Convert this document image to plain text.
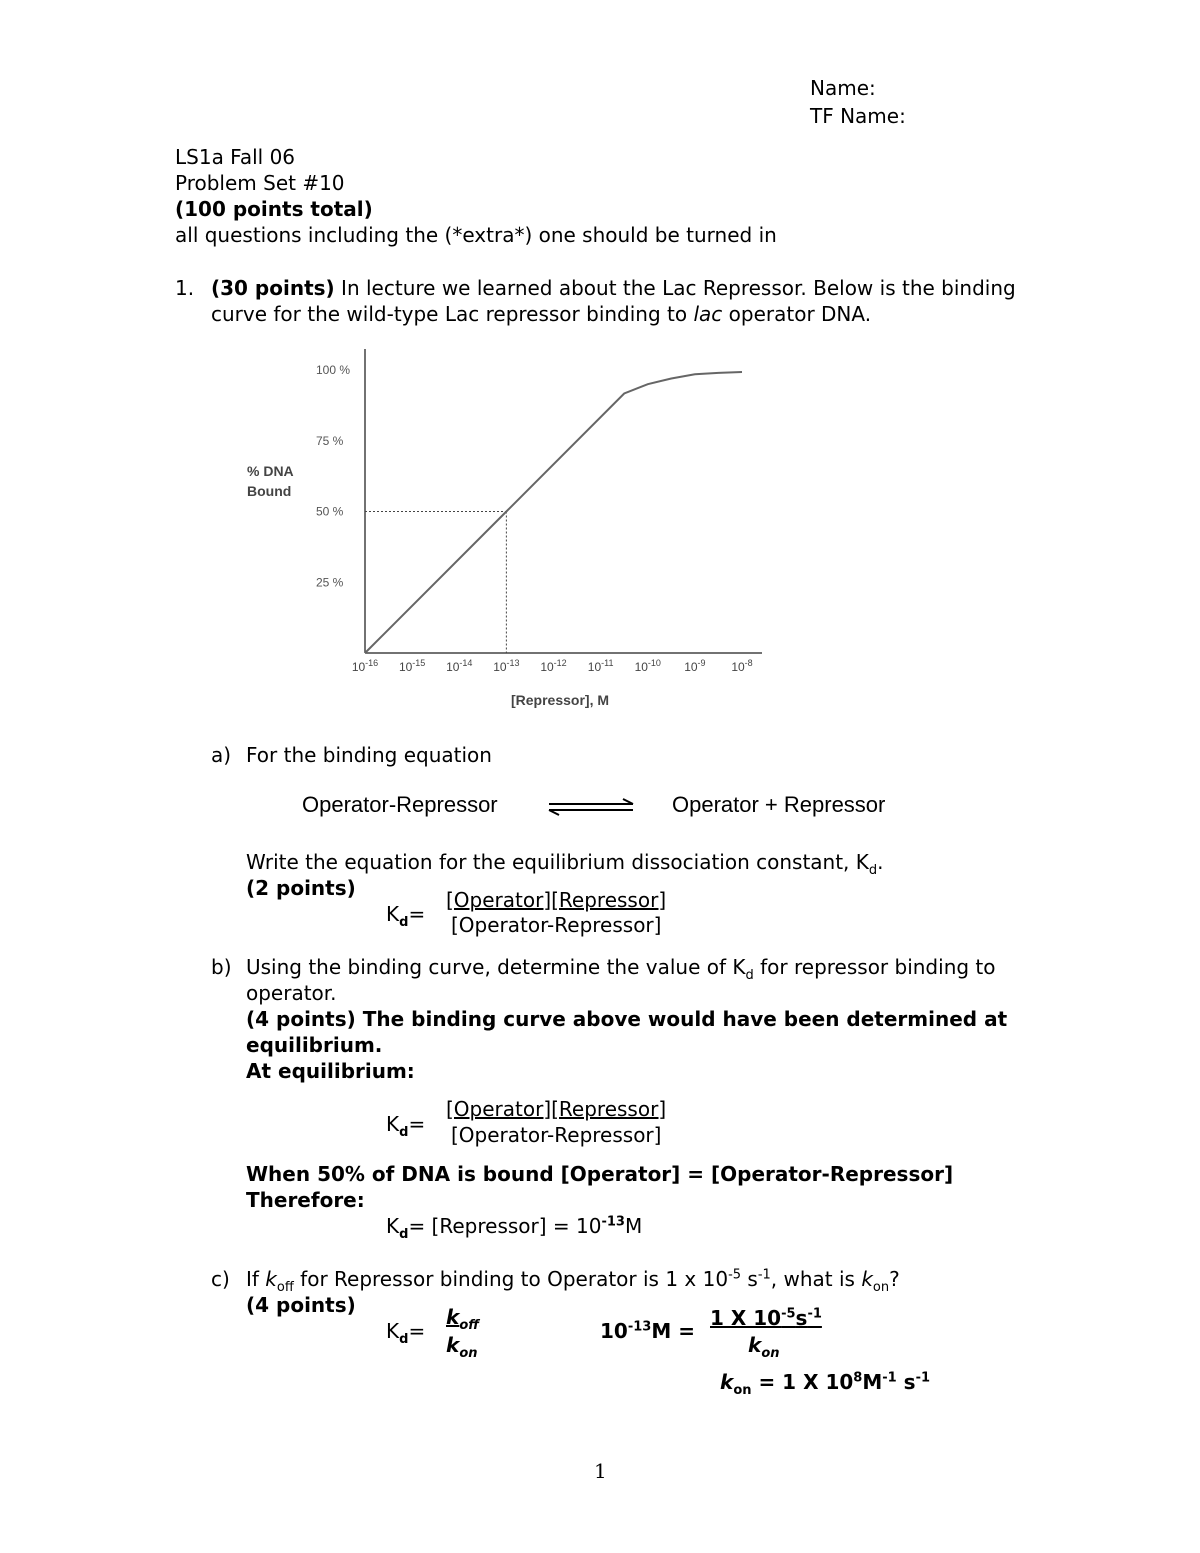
Name:
TF Name:
LS1a Fall 06
Problem Set #10
(100 points total)
all questions including the (*extra*) one should be turned in
1. (30 points) In lecture we learned about the Lac Repressor. Below is the binding
curve for the wild-type Lac repressor binding to lac operator DNA.
100 %
75 %
50 %
25 %
$10^{-16}$ $10^{-15}$ $10^{-14}$ $10^{-13}$ $10^{-12}$ $10^{-11}$ $10^{-10}$ $10^{-9}$ $10^{-8}$
% DNA
Bound
[Repressor], M
a) For the binding equation
Operator-Repressor	Operator + Repressor
Write the equation for the equilibrium dissociation constant, $K_d$.
(2 points)
$K_d=$
[Operator][Repressor]
[Operator-Repressor]
b) Using the binding curve, determine the value of $K_d$ for repressor binding to
operator.
(4 points) The binding curve above would have been determined at
equilibrium.
At equilibrium:
$K_d=$
[Operator][Repressor]
[Operator-Repressor]
When 50% of DNA is bound [Operator] = [Operator-Repressor]
Therefore:
$K_d=$ [Repressor] = $10^{-13}M$
c) If $k_{off}$ for Repressor binding to Operator is 1 x $10^{-5}$ $s^{-1}$, what is $k_{on}$?
(4 points)
$K_d=$
$k_{off}$
$k_{on}$
$10^{-13}M$ =
1 X $10^{-5}s^{-1}$
$k_{on}$
$k_{on} = 1$ X $10^8M^{-1}$ $s^{-1}$
1
